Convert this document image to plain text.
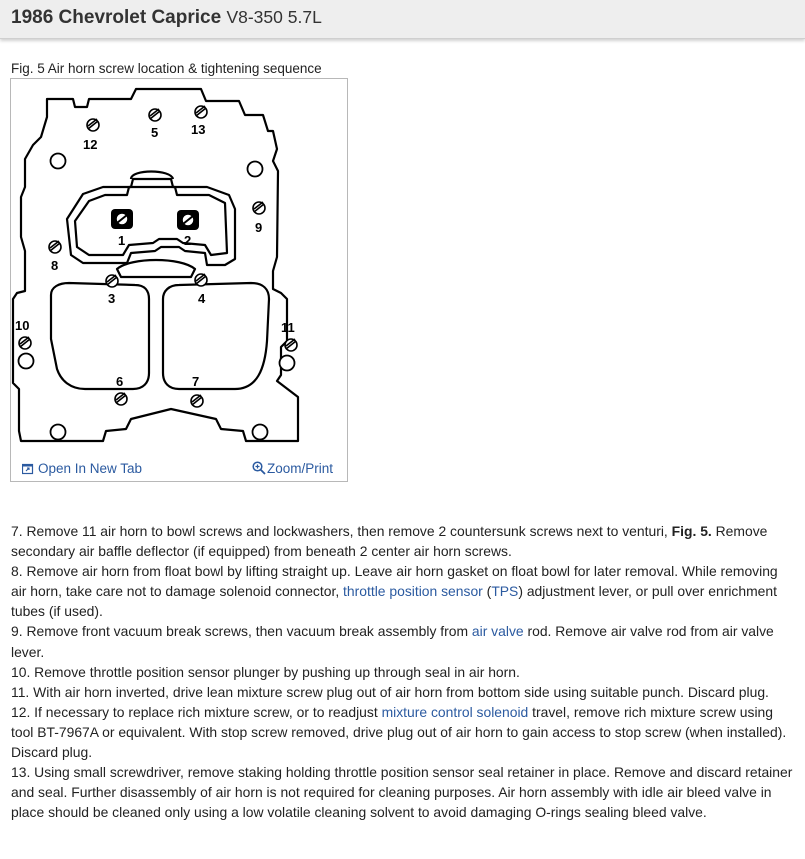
1986 Chevrolet Caprice V8-350 5.7L
Fig. 5 Air horn screw location & tightening sequence
1	2
3	4
5
6	7
8
9
10	11
12
13
Open In New Tab	Zoom/Print

7. Remove 11 air horn to bowl screws and lockwashers, then remove 2 countersunk screws next to venturi, Fig. 5. Remove secondary air baffle deflector (if equipped) from beneath 2 center air horn screws.

8. Remove air horn from float bowl by lifting straight up. Leave air horn gasket on float bowl for later removal. While removing air horn, take care not to damage solenoid connector, throttle position sensor (TPS) adjustment lever, or pull over enrichment tubes (if used).

9. Remove front vacuum break screws, then vacuum break assembly from air valve rod. Remove air valve rod from air valve lever.

10. Remove throttle position sensor plunger by pushing up through seal in air horn.

11. With air horn inverted, drive lean mixture screw plug out of air horn from bottom side using suitable punch. Discard plug.

12. If necessary to replace rich mixture screw, or to readjust mixture control solenoid travel, remove rich mixture screw using tool BT-7967A or equivalent. With stop screw removed, drive plug out of air horn to gain access to stop screw (when installed). Discard plug.

13. Using small screwdriver, remove staking holding throttle position sensor seal retainer in place. Remove and discard retainer and seal. Further disassembly of air horn is not required for cleaning purposes. Air horn assembly with idle air bleed valve in place should be cleaned only using a low volatile cleaning solvent to avoid damaging O-rings sealing bleed valve.
